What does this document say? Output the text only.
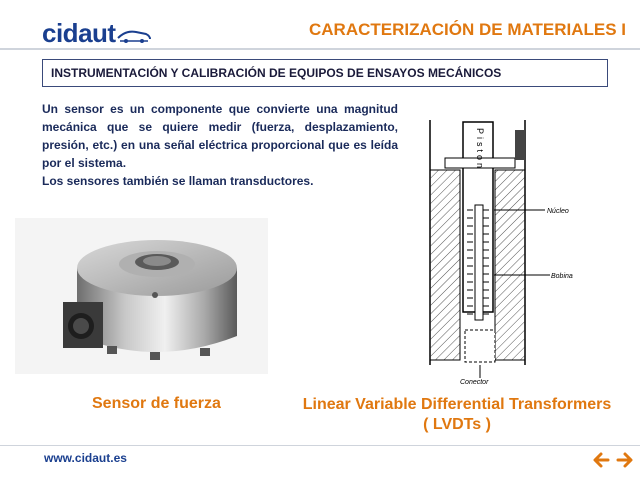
cidaut	CARACTERIZACIÓN DE MATERIALES I
INSTRUMENTACIÓN Y CALIBRACIÓN DE EQUIPOS DE ENSAYOS MECÁNICOS

Un sensor es un componente que convierte una magnitud mecánica que se quiere medir (fuerza, desplazamiento, presión, etc.) en una señal eléctrica proporcional que es leída por el sistema.

Los sensores también se llaman transductores.

Piston
Núcleo
Bobina
Conector
Sensor de fuerza	Linear Variable Differential Transformers
( LVDTs )
www.cidaut.es
